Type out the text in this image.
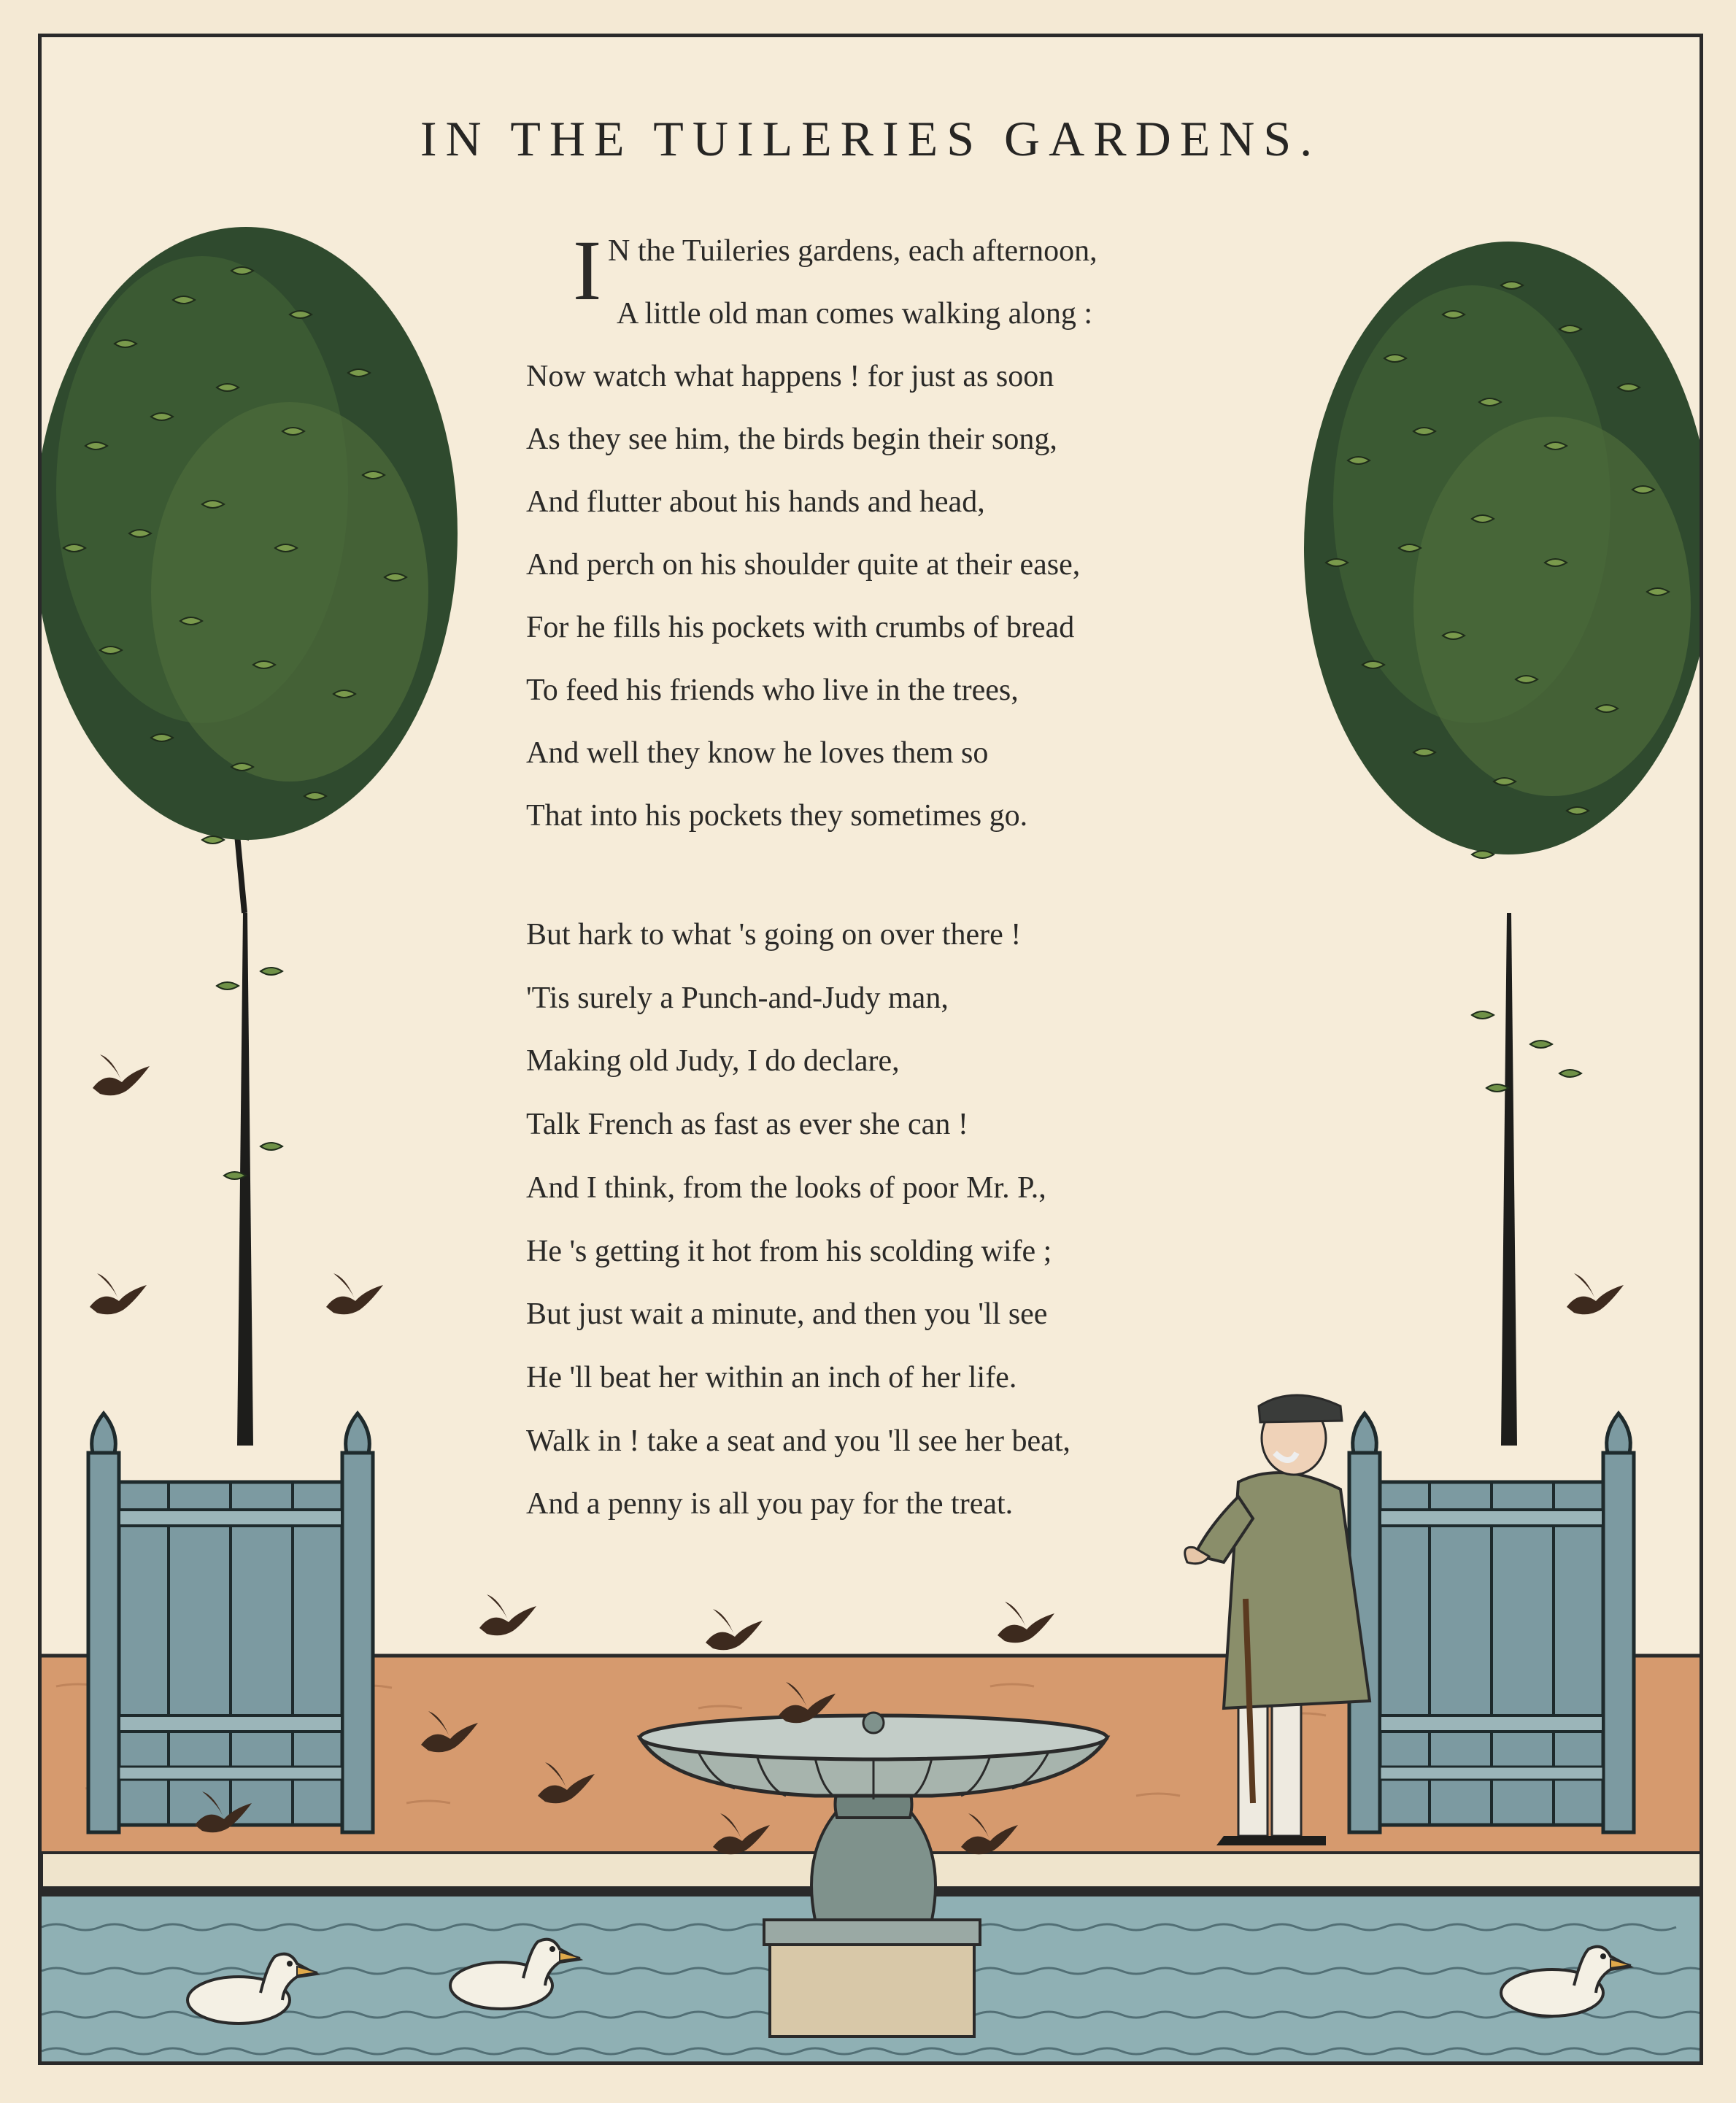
IN THE TUILERIES GARDENS.
I N the Tuileries gardens, each afternoon,
A little old man comes walking along :
Now watch what happens ! for just as soon
As they see him, the birds begin their song,
And flutter about his hands and head,
And perch on his shoulder quite at their ease,
For he fills his pockets with crumbs of bread
To feed his friends who live in the trees,
And well they know he loves them so
That into his pockets they sometimes go.
But hark to what 's going on over there !
'Tis surely a Punch-and-Judy man,
Making old Judy, I do declare,
Talk French as fast as ever she can !
And I think, from the looks of poor Mr. P.,
He 's getting it hot from his scolding wife ;
But just wait a minute, and then you 'll see
He 'll beat her within an inch of her life.
Walk in ! take a seat and you 'll see her beat,
And a penny is all you pay for the treat.
